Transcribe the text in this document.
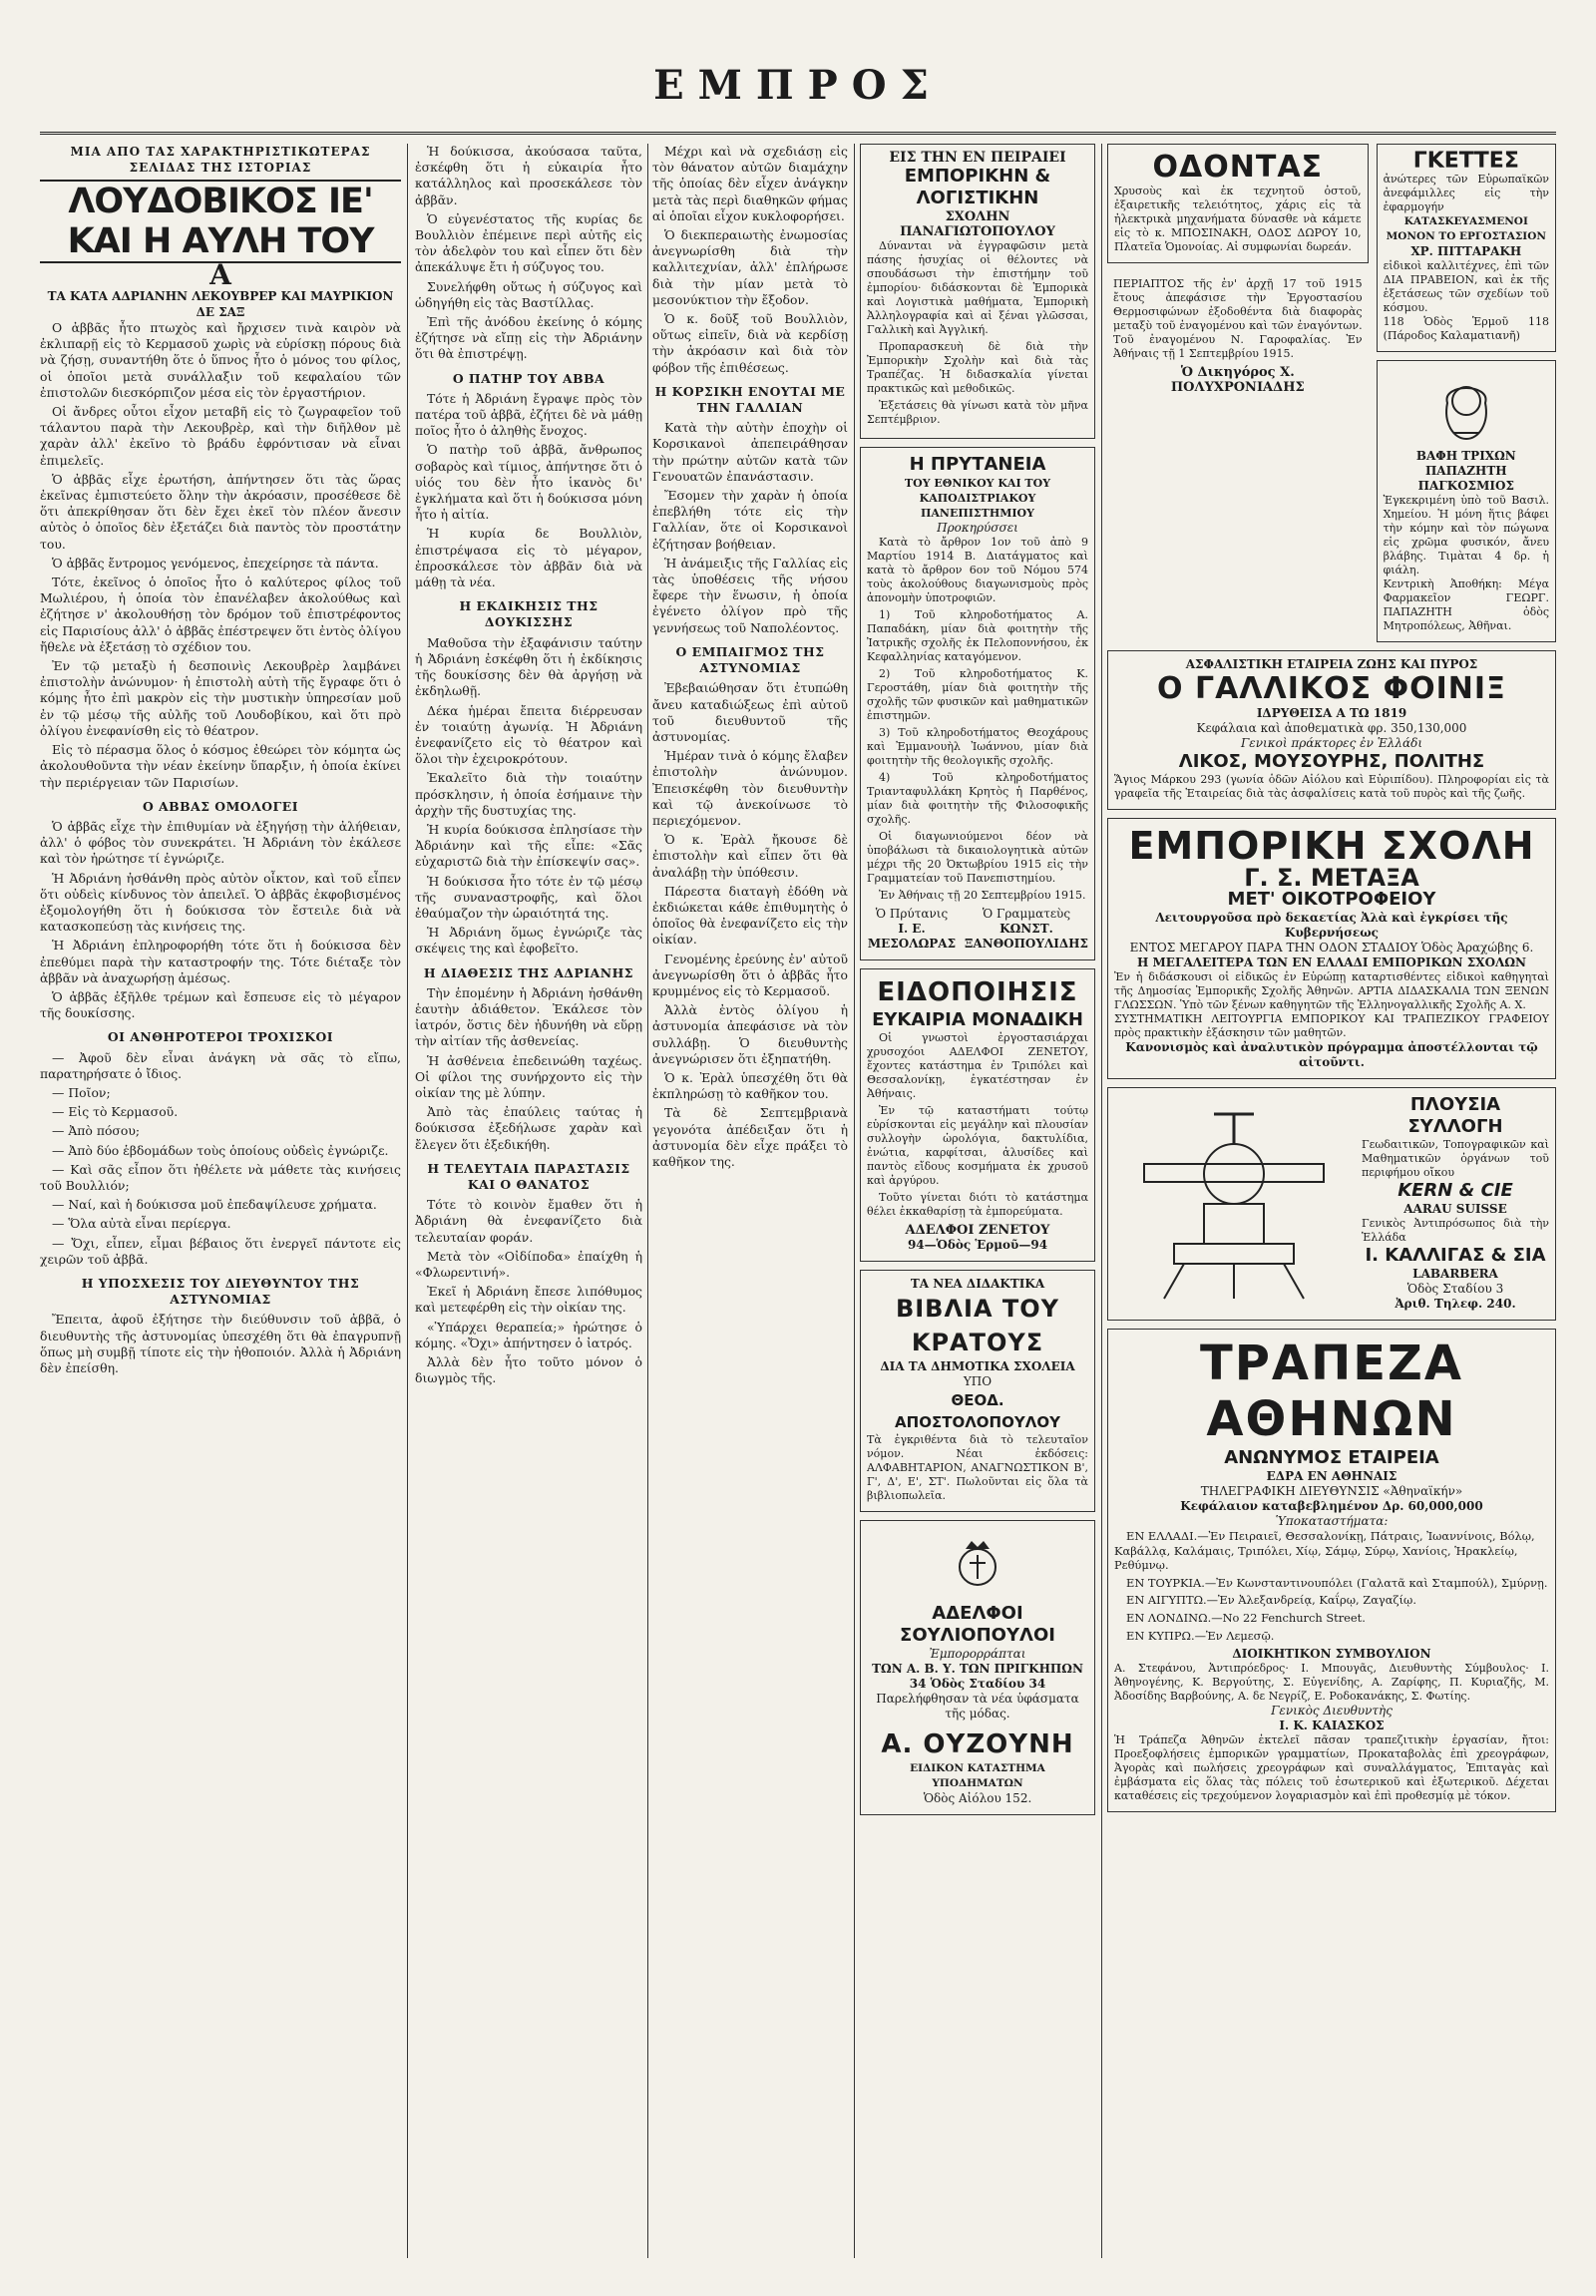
ΕΜΠΡΟΣ
ΜΙΑ ΑΠΟ ΤΑΣ ΧΑΡΑΚΤΗΡΙΣΤΙΚΩΤΕΡΑΣ ΣΕΛΙΔΑΣ ΤΗΣ ΙΣΤΟΡΙΑΣ
ΛΟΥΔΟΒΙΚΟΣ ΙΕ' ΚΑΙ Η ΑΥΛΗ ΤΟΥ
Α
ΤΑ ΚΑΤΑ ΑΔΡΙΑΝΗΝ ΛΕΚΟΥΒΡΕΡ ΚΑΙ ΜΑΥΡΙΚΙΟΝ ΔΕ ΣΑΞ

Ο ἀββᾶς ἦτο πτωχὸς καὶ ἤρχισεν τινὰ καιρὸν νὰ ἐκλιπαρῇ εἰς τὸ Κερμασοῦ χωρὶς νὰ εὑρίσκῃ πόρους διὰ νὰ ζήσῃ, συναντήθη ὅτε ὁ ὕπνος ἦτο ὁ μόνος του φίλος, οἱ ὁποῖοι μετὰ συνάλλαξιν τοῦ κεφαλαίου τῶν ἐπιστολῶν διεσκόρπιζον μέσα εἰς τὸν ἐργαστήριον.

Οἱ ἄνδρες οὗτοι εἶχον μεταβῆ εἰς τὸ ζωγραφεῖον τοῦ τάλαντου παρὰ τὴν Λεκουβρὲρ, καὶ τὴν διῆλθον μὲ χαρὰν ἀλλ' ἐκεῖνο τὸ βράδυ ἐφρόντισαν νὰ εἶναι ἐπιμελεῖς.

Ὁ ἀββᾶς εἶχε ἐρωτήση, ἀπήντησεν ὅτι τὰς ὥρας ἐκεῖνας ἐμπιστεύετο ὅλην τὴν ἀκρόασιν, προσέθεσε δὲ ὅτι ἀπεκρίθησαν ὅτι δὲν ἔχει ἐκεῖ τὸν πλέον ἄνεσιν αὐτὸς ὁ ὁποῖος δὲν ἐξετάζει διὰ παντὸς τὸν προστάτην του.

Ὁ ἀββᾶς ἔντρομος γενόμενος, ἐπεχείρησε τὰ πάντα.

Τότε, ἐκεῖνος ὁ ὁποῖος ἦτο ὁ καλύτερος φίλος τοῦ Μωλιέρου, ἡ ὁποία τὸν ἐπανέλαβεν ἀκολούθως καὶ ἐζήτησε ν' ἀκολουθήσῃ τὸν δρόμον τοῦ ἐπιστρέφοντος εἰς Παρισίους ἀλλ' ὁ ἀββᾶς ἐπέστρεψεν ὅτι ἐντὸς ὀλίγου ἤθελε νὰ ἐξετάσῃ τὸ σχέδιον του.

Ἐν τῷ μεταξὺ ἡ δεσποινὶς Λεκουβρὲρ λαμβάνει ἐπιστολὴν ἀνώνυμον· ἡ ἐπιστολὴ αὐτὴ τῆς ἔγραφε ὅτι ὁ κόμης ἦτο ἐπὶ μακρὸν εἰς τὴν μυστικὴν ὑπηρεσίαν μοῦ ἐν τῷ μέσῳ τῆς αὐλῆς τοῦ Λουδοβίκου, καὶ ὅτι πρὸ ὀλίγου ἐνεφανίσθη εἰς τὸ θέατρον.

Εἰς τὸ πέρασμα ὅλος ὁ κόσμος ἐθεώρει τὸν κόμητα ὡς ἀκολουθοῦντα τὴν νέαν ἐκείνην ὕπαρξιν, ἡ ὁποία ἐκίνει τὴν περιέργειαν τῶν Παρισίων.

Ο ΑΒΒΑΣ ΟΜΟΛΟΓΕΙ

Ὁ ἀββᾶς εἶχε τὴν ἐπιθυμίαν νὰ ἐξηγήσῃ τὴν ἀλήθειαν, ἀλλ' ὁ φόβος τὸν συνεκράτει. Ἡ Ἀδριάνη τὸν ἐκάλεσε καὶ τὸν ἠρώτησε τί ἐγνώριζε.

Ἡ Ἀδριάνη ἠσθάνθη πρὸς αὐτὸν οἶκτον, καὶ τοῦ εἶπεν ὅτι οὐδεὶς κίνδυνος τὸν ἀπειλεῖ. Ὁ ἀββᾶς ἐκφοβισμένος ἐξομολογήθη ὅτι ἡ δούκισσα τὸν ἔστειλε διὰ νὰ κατασκοπεύσῃ τὰς κινήσεις της.

Ἡ Ἀδριάνη ἐπληροφορήθη τότε ὅτι ἡ δούκισσα δὲν ἐπεθύμει παρὰ τὴν καταστροφήν της. Τότε διέταξε τὸν ἀββᾶν νὰ ἀναχωρήσῃ ἀμέσως.

Ὁ ἀββᾶς ἐξῆλθε τρέμων καὶ ἔσπευσε εἰς τὸ μέγαρον τῆς δουκίσσης.

ΟΙ ΑΝΘΗΡΟΤΕΡΟΙ ΤΡΟΧΙΣΚΟΙ

— Ἀφοῦ δὲν εἶναι ἀνάγκη νὰ σᾶς τὸ εἴπω, παρατηρήσατε ὁ ἴδιος.

— Ποῖον;

— Εἰς τὸ Κερμασοῦ.

— Ἀπὸ πόσου;

— Ἀπὸ δύο ἑβδομάδων τοὺς ὁποίους οὐδεὶς ἐγνώριζε.

— Καὶ σᾶς εἶπον ὅτι ἠθέλετε νὰ μάθετε τὰς κινήσεις τοῦ Βουλλιόν;

— Ναί, καὶ ἡ δούκισσα μοῦ ἐπεδαψίλευσε χρήματα.

— Ὅλα αὐτὰ εἶναι περίεργα.

— Ὄχι, εἶπεν, εἶμαι βέβαιος ὅτι ἐνεργεῖ πάντοτε εἰς χειρῶν τοῦ ἀββᾶ.

Η ΥΠΟΣΧΕΣΙΣ ΤΟΥ ΔΙΕΥΘΥΝΤΟΥ ΤΗΣ ΑΣΤΥΝΟΜΙΑΣ

Ἔπειτα, ἀφοῦ ἐξήτησε τὴν διεύθυνσιν τοῦ ἀββᾶ, ὁ διευθυντὴς τῆς ἀστυνομίας ὑπεσχέθη ὅτι θὰ ἐπαγρυπνῇ ὅπως μὴ συμβῇ τίποτε εἰς τὴν ἠθοποιόν. Ἀλλὰ ἡ Ἀδριάνη δὲν ἐπείσθη.

Ἡ δούκισσα, ἀκούσασα ταῦτα, ἐσκέφθη ὅτι ἡ εὐκαιρία ἦτο κατάλληλος καὶ προσεκάλεσε τὸν ἀββᾶν.

Ὁ εὐγενέστατος τῆς κυρίας δε Βουλλιὸν ἐπέμεινε περὶ αὐτῆς εἰς τὸν ἀδελφὸν του καὶ εἶπεν ὅτι δὲν ἀπεκάλυψε ἔτι ἡ σύζυγος του.

Συνελήφθη οὕτως ἡ σύζυγος καὶ ὡδηγήθη εἰς τὰς Βαστίλλας.

Ἐπὶ τῆς ἀνόδου ἐκείνης ὁ κόμης ἐζήτησε νὰ εἴπῃ εἰς τὴν Ἀδριάνην ὅτι θὰ ἐπιστρέψῃ.

Ο ΠΑΤΗΡ ΤΟΥ ΑΒΒΑ

Τότε ἡ Ἀδριάνη ἔγραψε πρὸς τὸν πατέρα τοῦ ἀββᾶ, ἐζήτει δὲ νὰ μάθῃ ποῖος ἦτο ὁ ἀληθὴς ἔνοχος.

Ὁ πατὴρ τοῦ ἀββᾶ, ἄνθρωπος σοβαρὸς καὶ τίμιος, ἀπήντησε ὅτι ὁ υἱός του δὲν ἦτο ἱκανὸς δι' ἐγκλήματα καὶ ὅτι ἡ δούκισσα μόνη ἦτο ἡ αἰτία.

Ἡ κυρία δε Βουλλιὸν, ἐπιστρέψασα εἰς τὸ μέγαρον, ἐπροσκάλεσε τὸν ἀββᾶν διὰ νὰ μάθῃ τὰ νέα.

Η ΕΚΔΙΚΗΣΙΣ ΤΗΣ ΔΟΥΚΙΣΣΗΣ

Μαθοῦσα τὴν ἐξαφάνισιν ταύτην ἡ Ἀδριάνη ἐσκέφθη ὅτι ἡ ἐκδίκησις τῆς δουκίσσης δὲν θὰ ἀργήσῃ νὰ ἐκδηλωθῇ.

Δέκα ἡμέραι ἔπειτα διέρρευσαν ἐν τοιαύτῃ ἀγωνίᾳ. Ἡ Ἀδριάνη ἐνεφανίζετο εἰς τὸ θέατρον καὶ ὅλοι τὴν ἐχειροκρότουν.

Ἐκαλεῖτο διὰ τὴν τοιαύτην πρόσκλησιν, ἡ ὁποία ἐσήμαινε τὴν ἀρχὴν τῆς δυστυχίας της.

Ἡ κυρία δούκισσα ἐπλησίασε τὴν Ἀδριάνην καὶ τῆς εἶπε: «Σᾶς εὐχαριστῶ διὰ τὴν ἐπίσκεψίν σας».

Ἡ δούκισσα ἦτο τότε ἐν τῷ μέσῳ τῆς συναναστροφῆς, καὶ ὅλοι ἐθαύμαζον τὴν ὡραιότητά της.

Ἡ Ἀδριάνη ὅμως ἐγνώριζε τὰς σκέψεις της καὶ ἐφοβεῖτο.

Η ΔΙΑΘΕΣΙΣ ΤΗΣ ΑΔΡΙΑΝΗΣ

Τὴν ἑπομένην ἡ Ἀδριάνη ἠσθάνθη ἑαυτὴν ἀδιάθετον. Ἐκάλεσε τὸν ἰατρόν, ὅστις δὲν ἠδυνήθη νὰ εὕρῃ τὴν αἰτίαν τῆς ἀσθενείας.

Ἡ ἀσθένεια ἐπεδεινώθη ταχέως. Οἱ φίλοι της συνήρχοντο εἰς τὴν οἰκίαν της μὲ λύπην.

Ἀπὸ τὰς ἐπαύλεις ταύτας ἡ δούκισσα ἐξεδήλωσε χαρὰν καὶ ἔλεγεν ὅτι ἐξεδικήθη.

Η ΤΕΛΕΥΤΑΙΑ ΠΑΡΑΣΤΑΣΙΣ ΚΑΙ Ο ΘΑΝΑΤΟΣ

Τότε τὸ κοινὸν ἔμαθεν ὅτι ἡ Ἀδριάνη θὰ ἐνεφανίζετο διὰ τελευταίαν φοράν.

Μετὰ τὸν «Οἰδίποδα» ἐπαίχθη ἡ «Φλωρεντινή».

Ἐκεῖ ἡ Ἀδριάνη ἔπεσε λιπόθυμος καὶ μετεφέρθη εἰς τὴν οἰκίαν της.

«Ὑπάρχει θεραπεία;» ἠρώτησε ὁ κόμης. «Ὄχι» ἀπήντησεν ὁ ἰατρός.

Ἀλλὰ δὲν ἦτο τοῦτο μόνον ὁ διωγμὸς τῆς.

Μέχρι καὶ νὰ σχεδιάσῃ εἰς τὸν θάνατον αὐτῶν διαμάχην τῆς ὁποίας δὲν εἶχεν ἀνάγκην μετὰ τὰς περὶ διαθηκῶν φήμας αἱ ὁποῖαι εἶχον κυκλοφορήσει.

Ὁ διεκπεραιωτὴς ἐνωμοσίας ἀνεγνωρίσθη διὰ τὴν καλλιτεχνίαν, ἀλλ' ἐπλήρωσε διὰ τὴν μίαν μετὰ τὸ μεσονύκτιον τὴν ἔξοδον.

Ὁ κ. δοῦξ τοῦ Βουλλιὸν, οὕτως εἰπεῖν, διὰ νὰ κερδίσῃ τὴν ἀκρόασιν καὶ διὰ τὸν φόβον τῆς ἐπιθέσεως.

Η ΚΟΡΣΙΚΗ ΕΝΟΥΤΑΙ ΜΕ ΤΗΝ ΓΑΛΛΙΑΝ

Κατὰ τὴν αὐτὴν ἐποχὴν οἱ Κορσικανοὶ ἀπεπειράθησαν τὴν πρώτην αὐτῶν κατὰ τῶν Γενουατῶν ἐπανάστασιν.

Ἔσομεν τὴν χαρὰν ἡ ὁποία ἐπεβλήθη τότε εἰς τὴν Γαλλίαν, ὅτε οἱ Κορσικανοὶ ἐζήτησαν βοήθειαν.

Ἡ ἀνάμειξις τῆς Γαλλίας εἰς τὰς ὑποθέσεις τῆς νήσου ἔφερε τὴν ἕνωσιν, ἡ ὁποία ἐγένετο ὀλίγον πρὸ τῆς γεννήσεως τοῦ Ναπολέοντος.

Ο ΕΜΠΑΙΓΜΟΣ ΤΗΣ ΑΣΤΥΝΟΜΙΑΣ

Ἐβεβαιώθησαν ὅτι ἐτυπώθη ἄνευ καταδιώξεως ἐπὶ αὐτοῦ τοῦ διευθυντοῦ τῆς ἀστυνομίας.

Ἡμέραν τινὰ ὁ κόμης ἔλαβεν ἐπιστολὴν ἀνώνυμον. Ἐπεισκέφθη τὸν διευθυντὴν καὶ τῷ ἀνεκοίνωσε τὸ περιεχόμενον.

Ὁ κ. Ἐρὰλ ἤκουσε δὲ ἐπιστολὴν καὶ εἶπεν ὅτι θὰ ἀναλάβῃ τὴν ὑπόθεσιν.

Πάρεστα διαταγὴ ἐδόθη νὰ ἐκδιώκεται κάθε ἐπιθυμητὴς ὁ ὁποῖος θὰ ἐνεφανίζετο εἰς τὴν οἰκίαν.

Γενομένης ἐρεύνης ἐν' αὐτοῦ ἀνεγνωρίσθη ὅτι ὁ ἀββᾶς ἦτο κρυμμένος εἰς τὸ Κερμασοῦ.

Ἀλλὰ ἐντὸς ὀλίγου ἡ ἀστυνομία ἀπεφάσισε νὰ τὸν συλλάβῃ. Ὁ διευθυντὴς ἀνεγνώρισεν ὅτι ἐξηπατήθη.

Ὁ κ. Ἐρὰλ ὑπεσχέθη ὅτι θὰ ἐκπληρώσῃ τὸ καθῆκον του.

Τὰ δὲ Σεπτεμβριανὰ γεγονότα ἀπέδειξαν ὅτι ἡ ἀστυνομία δὲν εἶχε πράξει τὸ καθῆκον της.

ΕΙΣ ΤΗΝ ΕΝ ΠΕΙΡΑΙΕΙ
ΕΜΠΟΡΙΚΗΝ & ΛΟΓΙΣΤΙΚΗΝ
ΣΧΟΛΗΝ ΠΑΝΑΓΙΩΤΟΠΟΥΛΟΥ

Δύνανται νὰ ἐγγραφῶσιν μετὰ πάσης ἡσυχίας οἱ θέλοντες νὰ σπουδάσωσι τὴν ἐπιστήμην τοῦ ἐμπορίου· διδάσκονται δὲ Ἑμπορικὰ καὶ Λογιστικὰ μαθήματα, Ἐμπορικὴ Ἀλληλογραφία καὶ αἱ ξέναι γλῶσσαι, Γαλλικὴ καὶ Ἀγγλική.

Προπαρασκευὴ δὲ διὰ τὴν Ἐμπορικὴν Σχολὴν καὶ διὰ τὰς Τραπέζας. Ἡ διδασκαλία γίνεται πρακτικῶς καὶ μεθοδικῶς.

Ἐξετάσεις θὰ γίνωσι κατὰ τὸν μῆνα Σεπτέμβριον.

Η ΠΡΥΤΑΝΕΙΑ
ΤΟΥ ΕΘΝΙΚΟΥ ΚΑΙ ΤΟΥ ΚΑΠΟΔΙΣΤΡΙΑΚΟΥ ΠΑΝΕΠΙΣΤΗΜΙΟΥ
Προκηρύσσει

Κατὰ τὸ ἄρθρον 1ον τοῦ ἀπὸ 9 Μαρτίου 1914 Β. Διατάγματος καὶ κατὰ τὸ ἄρθρον 6ον τοῦ Νόμου 574 τοὺς ἀκολούθους διαγωνισμοὺς πρὸς ἀπονομὴν ὑποτροφιῶν.

1) Τοῦ κληροδοτήματος Α. Παπαδάκη, μίαν διὰ φοιτητὴν τῆς Ἰατρικῆς σχολῆς ἐκ Πελοποννήσου, ἐκ Κεφαλληνίας καταγόμενον.

2) Τοῦ κληροδοτήματος Κ. Γεροστάθη, μίαν διὰ φοιτητὴν τῆς σχολῆς τῶν φυσικῶν καὶ μαθηματικῶν ἐπιστημῶν.

3) Τοῦ κληροδοτήματος Θεοχάρους καὶ Ἐμμανουὴλ Ἰωάννου, μίαν διὰ φοιτητὴν τῆς θεολογικῆς σχολῆς.

4) Τοῦ κληροδοτήματος Τριανταφυλλάκη Κρητὸς ἡ Παρθένος, μίαν διὰ φοιτητὴν τῆς Φιλοσοφικῆς σχολῆς.

Οἱ διαγωνιούμενοι δέον νὰ ὑποβάλωσι τὰ δικαιολογητικὰ αὐτῶν μέχρι τῆς 20 Ὀκτωβρίου 1915 εἰς τὴν Γραμματείαν τοῦ Πανεπιστημίου.

Ἐν Ἀθήναις τῇ 20 Σεπτεμβρίου 1915.

Ὁ Πρύτανις
Ι. Ε. ΜΕΣΟΛΩΡΑΣ
Ὁ Γραμματεὺς
ΚΩΝΣΤ. ΞΑΝΘΟΠΟΥΛΙΔΗΣ
ΕΙΔΟΠΟΙΗΣΙΣ
ΕΥΚΑΙΡΙΑ ΜΟΝΑΔΙΚΗ

Οἱ γνωστοὶ ἐργοστασιάρχαι χρυσοχόοι ΑΔΕΛΦΟΙ ΖΕΝΕΤΟΥ, ἔχοντες κατάστημα ἐν Τριπόλει καὶ Θεσσαλονίκῃ, ἐγκατέστησαν ἐν Ἀθήναις.

Ἐν τῷ καταστήματι τούτῳ εὑρίσκονται εἰς μεγάλην καὶ πλουσίαν συλλογὴν ὡρολόγια, δακτυλίδια, ἐνώτια, καρφίτσαι, ἀλυσίδες καὶ παντὸς εἴδους κοσμήματα ἐκ χρυσοῦ καὶ ἀργύρου.

Τοῦτο γίνεται διότι τὸ κατάστημα θέλει ἐκκαθαρίσῃ τὰ ἐμπορεύματα.

ΑΔΕΛΦΟΙ ΖΕΝΕΤΟΥ
94—Ὁδὸς Ἑρμοῦ—94
ΤΑ ΝΕΑ ΔΙΔΑΚΤΙΚΑ
ΒΙΒΛΙΑ ΤΟΥ ΚΡΑΤΟΥΣ
ΔΙΑ ΤΑ ΔΗΜΟΤΙΚΑ ΣΧΟΛΕΙΑ
ΥΠΟ
ΘΕΟΔ. ΑΠΟΣΤΟΛΟΠΟΥΛΟΥ
Τὰ ἐγκριθέντα διὰ τὸ τελευταῖον νόμον. Νέαι ἐκδόσεις: ΑΛΦΑΒΗΤΑΡΙΟΝ, ΑΝΑΓΝΩΣΤΙΚΟΝ Β', Γ', Δ', Ε', ΣΤ'. Πωλοῦνται εἰς ὅλα τὰ βιβλιοπωλεῖα.
ΑΔΕΛΦΟΙ ΣΟΥΛΙΟΠΟΥΛΟΙ
Ἐμπορορράπται
ΤΩΝ Α. Β. Υ. ΤΩΝ ΠΡΙΓΚΗΠΩΝ
34 Ὁδὸς Σταδίου 34
Παρελήφθησαν τὰ νέα ὑφάσματα τῆς μόδας.
Α. ΟΥΖΟΥΝΗ
ΕΙΔΙΚΟΝ ΚΑΤΑΣΤΗΜΑ ΥΠΟΔΗΜΑΤΩΝ
Ὁδὸς Αἰόλου 152.
ΟΔΟΝΤΑΣ
Χρυσοὺς καὶ ἐκ τεχνητοῦ ὀστοῦ, ἐξαιρετικῆς τελειότητος, χάρις εἰς τὰ ἠλεκτρικὰ μηχανήματα δύνασθε νὰ κάμετε εἰς τὸ κ. ΜΠΟΣΙΝΑΚΗ, ΟΔΟΣ ΔΩΡΟΥ 10, Πλατεῖα Ὁμονοίας. Αἱ συμφωνίαι δωρεάν.
ΠΕΡΙΑΠΤΟΣ τῆς ἐν' ἀρχῇ 17 τοῦ 1915 ἔτους ἀπεφάσισε τὴν Ἐργοστασίου Θερμοσιφώνων ἐξοδοθέντα διὰ διαφορὰς μεταξὺ τοῦ ἐναγομένου καὶ τῶν ἐναγόντων. Τοῦ ἐναγομένου Ν. Γαροφαλίας. Ἐν Ἀθήναις τῇ 1 Σεπτεμβρίου 1915.
Ὁ Δικηγόρος Χ. ΠΟΛΥΧΡΟΝΙΑΔΗΣ
ΓΚΕΤΤΕΣ
ἀνώτερες τῶν Εὐρωπαϊκῶν ἀνεφάμιλλες εἰς τὴν ἐφαρμογήν
ΚΑΤΑΣΚΕΥΑΣΜΕΝΟΙ ΜΟΝΟΝ ΤΟ ΕΡΓΟΣΤΑΣΙΟΝ
ΧΡ. ΠΙΤΤΑΡΑΚΗ
εἰδικοὶ καλλιτέχνες, ἐπὶ τῶν ΔΙΑ ΠΡΑΒΕΙΟΝ, καὶ ἐκ τῆς ἐξετάσεως τῶν σχεδίων τοῦ κόσμου.
118 Ὁδὸς Ἑρμοῦ 118 (Πάροδος Καλαματιανῆ)
ΒΑΦΗ ΤΡΙΧΩΝ ΠΑΠΑΖΗΤΗ
ΠΑΓΚΟΣΜΙΟΣ
Ἐγκεκριμένη ὑπὸ τοῦ Βασιλ. Χημείου. Ἡ μόνη ἥτις βάφει τὴν κόμην καὶ τὸν πώγωνα εἰς χρῶμα φυσικόν, ἄνευ βλάβης. Τιμὰται 4 δρ. ἡ φιάλη.
Κεντρικὴ Ἀποθήκη: Μέγα Φαρμακεῖον ΓΕΩΡΓ. ΠΑΠΑΖΗΤΗ ὁδὸς Μητροπόλεως, Ἀθῆναι.
ΑΣΦΑΛΙΣΤΙΚΗ ΕΤΑΙΡΕΙΑ ΖΩΗΣ ΚΑΙ ΠΥΡΟΣ
Ο ΓΑΛΛΙΚΟΣ ΦΟΙΝΙΞ
ΙΔΡΥΘΕΙΣΑ Α ΤΩ 1819
Κεφάλαια καὶ ἀποθεματικὰ φρ. 350,130,000
Γενικοὶ πράκτορες ἐν Ἑλλάδι
ΛΙΚΟΣ, ΜΟΥΣΟΥΡΗΣ, ΠΟΛΙΤΗΣ
Ἅγιος Μάρκου 293 (γωνία ὁδῶν Αἰόλου καὶ Εὐριπίδου). Πληροφορίαι εἰς τὰ γραφεῖα τῆς Ἑταιρείας διὰ τὰς ἀσφαλίσεις κατὰ τοῦ πυρὸς καὶ τῆς ζωῆς.
ΕΜΠΟΡΙΚΗ ΣΧΟΛΗ
Γ. Σ. ΜΕΤΑΞΑ
ΜΕΤ' ΟΙΚΟΤΡΟΦΕΙΟΥ
Λειτουργοῦσα πρὸ δεκαετίας Ἀλὰ καὶ ἐγκρίσει τῆς Κυβερνήσεως
ΕΝΤΟΣ ΜΕΓΑΡΟΥ ΠΑΡΑ ΤΗΝ ΟΔΟΝ ΣΤΑΔΙΟΥ Ὁδὸς Ἀραχώβης 6.
Η ΜΕΓΑΛΕΙΤΕΡΑ ΤΩΝ ΕΝ ΕΛΛΑΔΙ ΕΜΠΟΡΙΚΩΝ ΣΧΟΛΩΝ
Ἐν ἡ διδάσκουσι οἱ εἰδικῶς ἐν Εὐρώπῃ καταρτισθέντες εἰδικοὶ καθηγηταὶ τῆς Δημοσίας Ἐμπορικῆς Σχολῆς Ἀθηνῶν. ΑΡΤΙΑ ΔΙΔΑΣΚΑΛΙΑ ΤΩΝ ΞΕΝΩΝ ΓΛΩΣΣΩΝ. Ὑπὸ τῶν ξένων καθηγητῶν τῆς Ἑλληνογαλλικῆς Σχολῆς Α. Χ.
ΣΥΣΤΗΜΑΤΙΚΗ ΛΕΙΤΟΥΡΓΙΑ ΕΜΠΟΡΙΚΟΥ ΚΑΙ ΤΡΑΠΕΖΙΚΟΥ ΓΡΑΦΕΙΟΥ πρὸς πρακτικὴν ἐξάσκησιν τῶν μαθητῶν.
Κανονισμὸς καὶ ἀναλυτικὸν πρόγραμμα ἀποστέλλονται τῷ αἰτοῦντι.
ΠΛΟΥΣΙΑ
ΣΥΛΛΟΓΗ
Γεωδαιτικῶν, Τοπογραφικῶν καὶ Μαθηματικῶν ὀργάνων τοῦ περιφήμου οἴκου
KERN & CIE
AARAU SUISSE
Γενικὸς Ἀντιπρόσωπος διὰ τὴν Ἑλλάδα
Ι. ΚΑΛΛΙΓΑΣ & ΣΙΑ
LABARBERA
Ὁδὸς Σταδίου 3
Ἀριθ. Τηλεφ. 240.
ΤΡΑΠΕΖΑ ΑΘΗΝΩΝ
ΑΝΩΝΥΜΟΣ ΕΤΑΙΡΕΙΑ
ΕΔΡΑ ΕΝ ΑΘΗΝΑΙΣ
ΤΗΛΕΓΡΑΦΙΚΗ ΔΙΕΥΘΥΝΣΙΣ «Ἀθηναϊκήν»
Κεφάλαιον καταβεβλημένον Δρ. 60,000,000
Ὑποκαταστήματα:

ΕΝ ΕΛΛΑΔΙ.—Ἐν Πειραιεῖ, Θεσσαλονίκῃ, Πάτραις, Ἰωαννίνοις, Βόλῳ, Καβάλλᾳ, Καλάμαις, Τριπόλει, Χίῳ, Σάμῳ, Σύρῳ, Χανίοις, Ἡρακλείῳ, Ρεθύμνῳ.

ΕΝ ΤΟΥΡΚΙΑ.—Ἐν Κωνσταντινουπόλει (Γαλατᾶ καὶ Σταμπούλ), Σμύρνῃ.

ΕΝ ΑΙΓΥΠΤΩ.—Ἐν Ἀλεξανδρείᾳ, Καΐρῳ, Ζαγαζίῳ.

ΕΝ ΛΟΝΔΙΝΩ.—No 22 Fenchurch Street.

ΕΝ ΚΥΠΡΩ.—Ἐν Λεμεσῷ.

ΔΙΟΙΚΗΤΙΚΟΝ ΣΥΜΒΟΥΛΙΟΝ
Α. Στεφάνου, Ἀντιπρόεδρος· Ι. Μπουγᾶς, Διευθυντὴς Σύμβουλος· Ι. Ἀθηνογένης, Κ. Βεργούτης, Σ. Εὐγενίδης, Α. Ζαρίφης, Π. Κυριαζῆς, Μ. Ἀδοσίδης Βαρβούνης, Α. δε Νεγρίζ, Ε. Ροδοκανάκης, Σ. Φωτίης.
Γενικὸς Διευθυντὴς
Ι. Κ. ΚΑΙΑΣΚΟΣ
Ἡ Τράπεζα Ἀθηνῶν ἐκτελεῖ πᾶσαν τραπεζιτικὴν ἐργασίαν, ἤτοι: Προεξοφλήσεις ἐμπορικῶν γραμματίων, Προκαταβολὰς ἐπὶ χρεογράφων, Ἀγορὰς καὶ πωλήσεις χρεογράφων καὶ συναλλάγματος, Ἐπιταγὰς καὶ ἐμβάσματα εἰς ὅλας τὰς πόλεις τοῦ ἐσωτερικοῦ καὶ ἐξωτερικοῦ. Δέχεται καταθέσεις εἰς τρεχούμενον λογαριασμὸν καὶ ἐπὶ προθεσμίᾳ μὲ τόκον.
